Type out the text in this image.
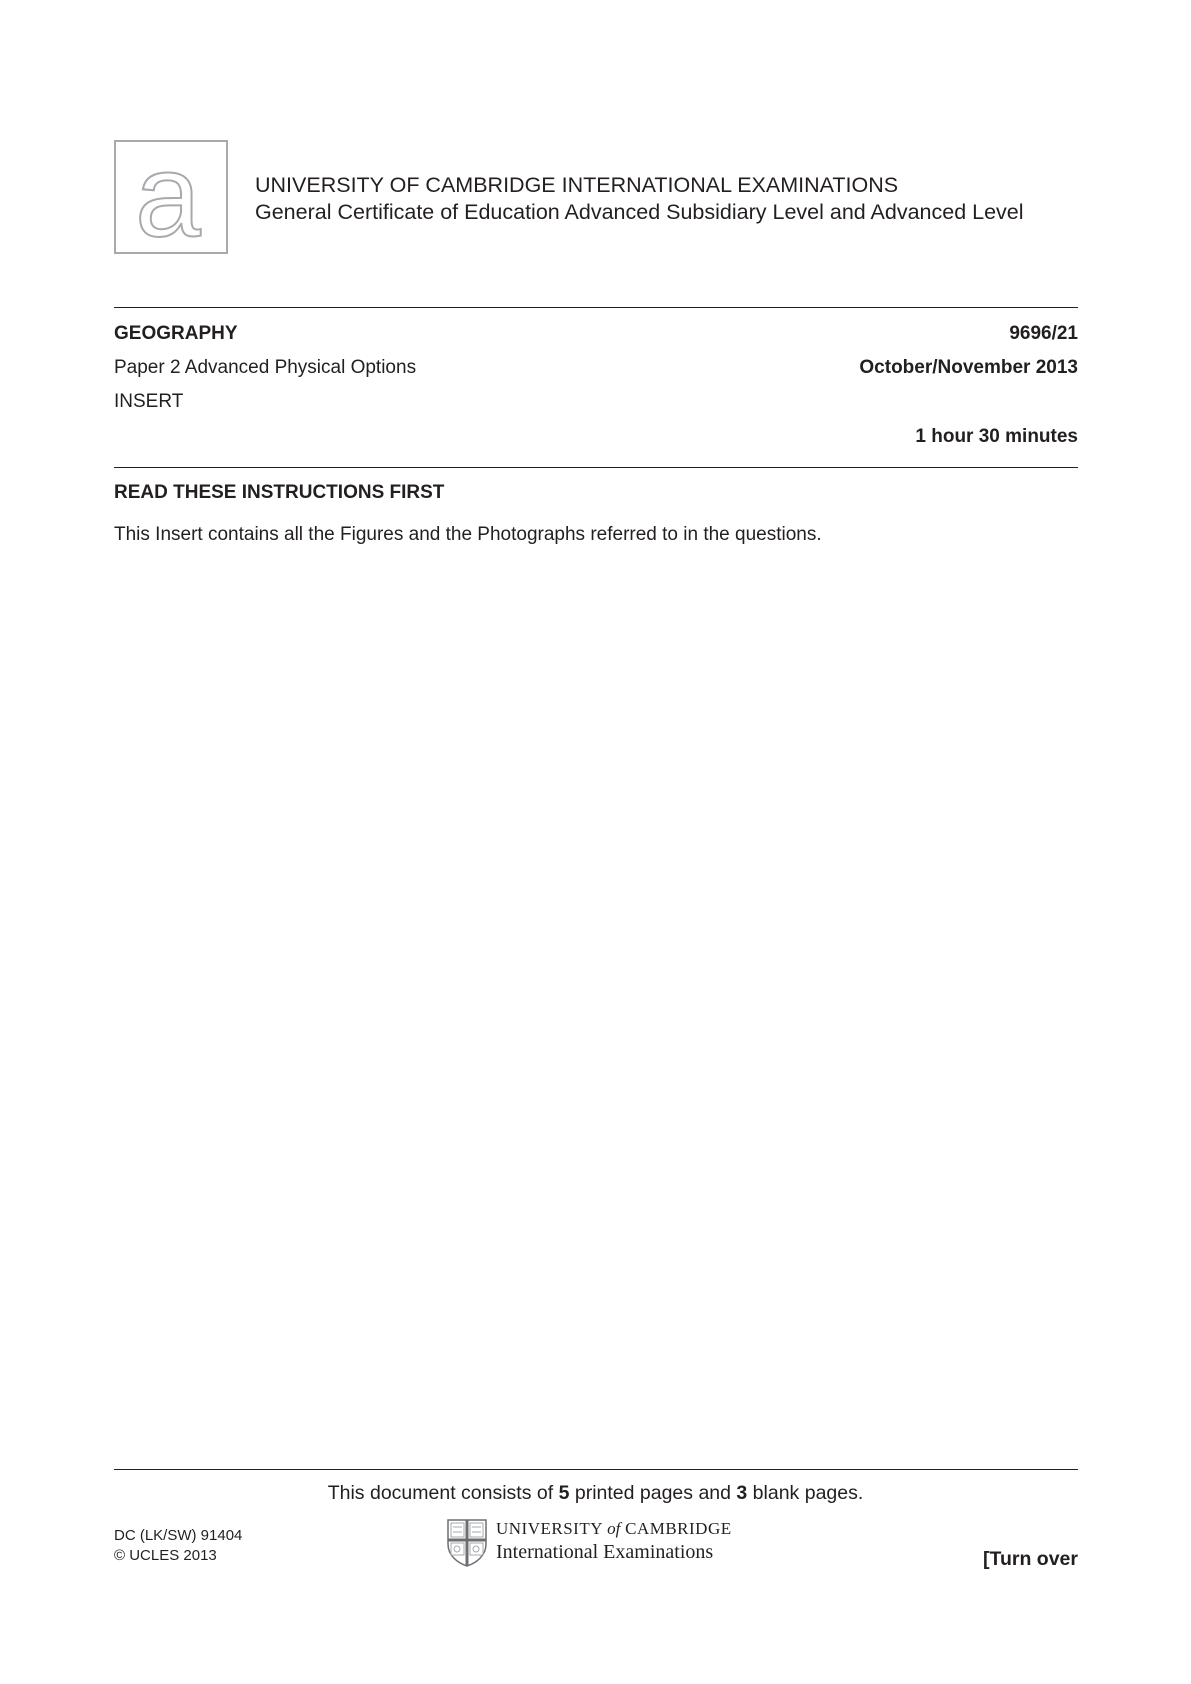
a	UNIVERSITY OF CAMBRIDGE INTERNATIONAL EXAMINATIONS
General Certificate of Education Advanced Subsidiary Level and Advanced Level
GEOGRAPHY	9696/21
Paper 2 Advanced Physical Options	October/November 2013
INSERT
1 hour 30 minutes
READ THESE INSTRUCTIONS FIRST
This Insert contains all the Figures and the Photographs referred to in the questions.
This document consists of 5 printed pages and 3 blank pages.
DC (LK/SW) 91404
© UCLES 2013
UNIVERSITY of CAMBRIDGE
International Examinations	[Turn over
